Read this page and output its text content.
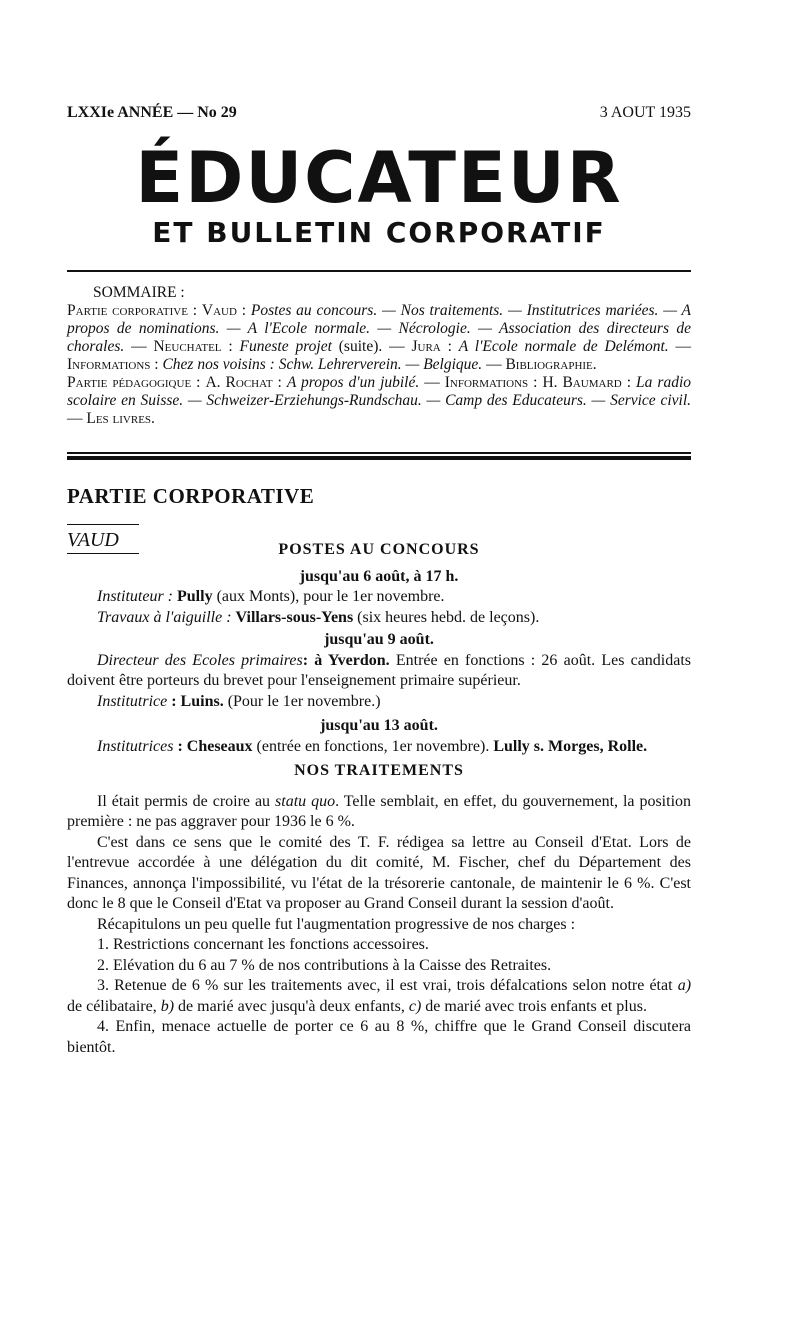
LXXIe ANNÉE — No 29	3 AOUT 1935
ÉDUCATEUR
ET BULLETIN CORPORATIF

SOMMAIRE :

Partie corporative : Vaud : Postes au concours. — Nos traitements. — Institutrices mariées. — A propos de nominations. — A l'Ecole normale. — Nécrologie. — Association des directeurs de chorales. — Neuchatel : Funeste projet (suite). — Jura : A l'Ecole normale de Delémont. — Informations : Chez nos voisins : Schw. Lehrerverein. — Belgique. — Bibliographie.

Partie pédagogique : A. Rochat : A propos d'un jubilé. — Informations : H. Baumard : La radio scolaire en Suisse. — Schweizer-Erziehungs-Rundschau. — Camp des Educateurs. — Service civil. — Les livres.

PARTIE CORPORATIVE
VAUD	POSTES AU CONCOURS

jusqu'au 6 août, à 17 h.

Instituteur : Pully (aux Monts), pour le 1er novembre.

Travaux à l'aiguille : Villars-sous-Yens (six heures hebd. de leçons).

jusqu'au 9 août.

Directeur des Ecoles primaires: à Yverdon. Entrée en fonctions : 26 août. Les candidats doivent être porteurs du brevet pour l'enseignement primaire supérieur.

Institutrice : Luins. (Pour le 1er novembre.)

jusqu'au 13 août.

Institutrices : Cheseaux (entrée en fonctions, 1er novembre). Lully s. Morges, Rolle.

NOS TRAITEMENTS

Il était permis de croire au statu quo. Telle semblait, en effet, du gouvernement, la position première : ne pas aggraver pour 1936 le 6 %.

C'est dans ce sens que le comité des T. F. rédigea sa lettre au Conseil d'Etat. Lors de l'entrevue accordée à une délégation du dit comité, M. Fischer, chef du Département des Finances, annonça l'impossibilité, vu l'état de la trésorerie cantonale, de maintenir le 6 %. C'est donc le 8 que le Conseil d'Etat va proposer au Grand Conseil durant la session d'août.

Récapitulons un peu quelle fut l'augmentation progressive de nos charges :

1. Restrictions concernant les fonctions accessoires.

2. Elévation du 6 au 7 % de nos contributions à la Caisse des Retraites.

3. Retenue de 6 % sur les traitements avec, il est vrai, trois défalcations selon notre état a) de célibataire, b) de marié avec jusqu'à deux enfants, c) de marié avec trois enfants et plus.

4. Enfin, menace actuelle de porter ce 6 au 8 %, chiffre que le Grand Conseil discutera bientôt.
